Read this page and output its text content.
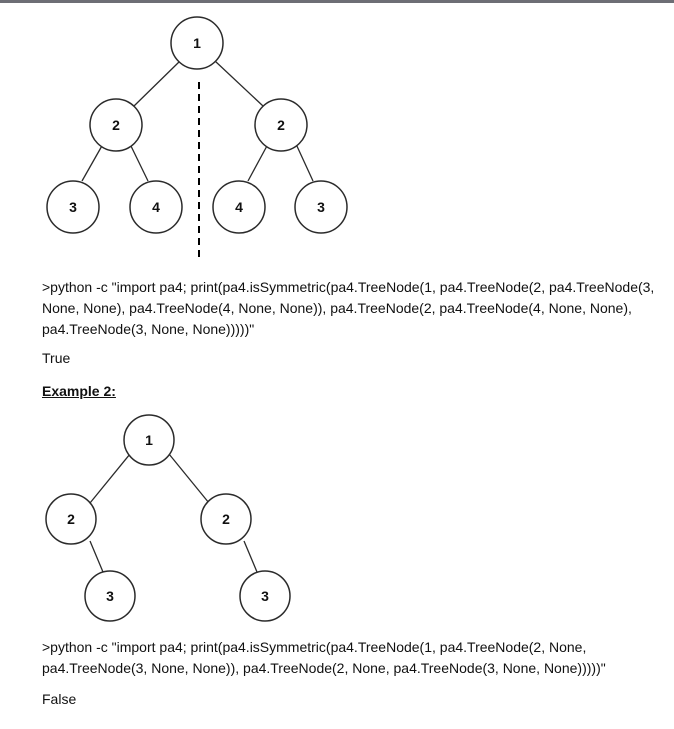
1
2	2
3	4	4	3

>python -c "import pa4; print(pa4.isSymmetric(pa4.TreeNode(1, pa4.TreeNode(2, pa4.TreeNode(3, None, None), pa4.TreeNode(4, None, None)), pa4.TreeNode(2, pa4.TreeNode(4, None, None), pa4.TreeNode(3, None, None)))))"

True

Example 2:

1
2	2
3	3

>python -c "import pa4; print(pa4.isSymmetric(pa4.TreeNode(1, pa4.TreeNode(2, None, pa4.TreeNode(3, None, None)), pa4.TreeNode(2, None, pa4.TreeNode(3, None, None)))))"

False
